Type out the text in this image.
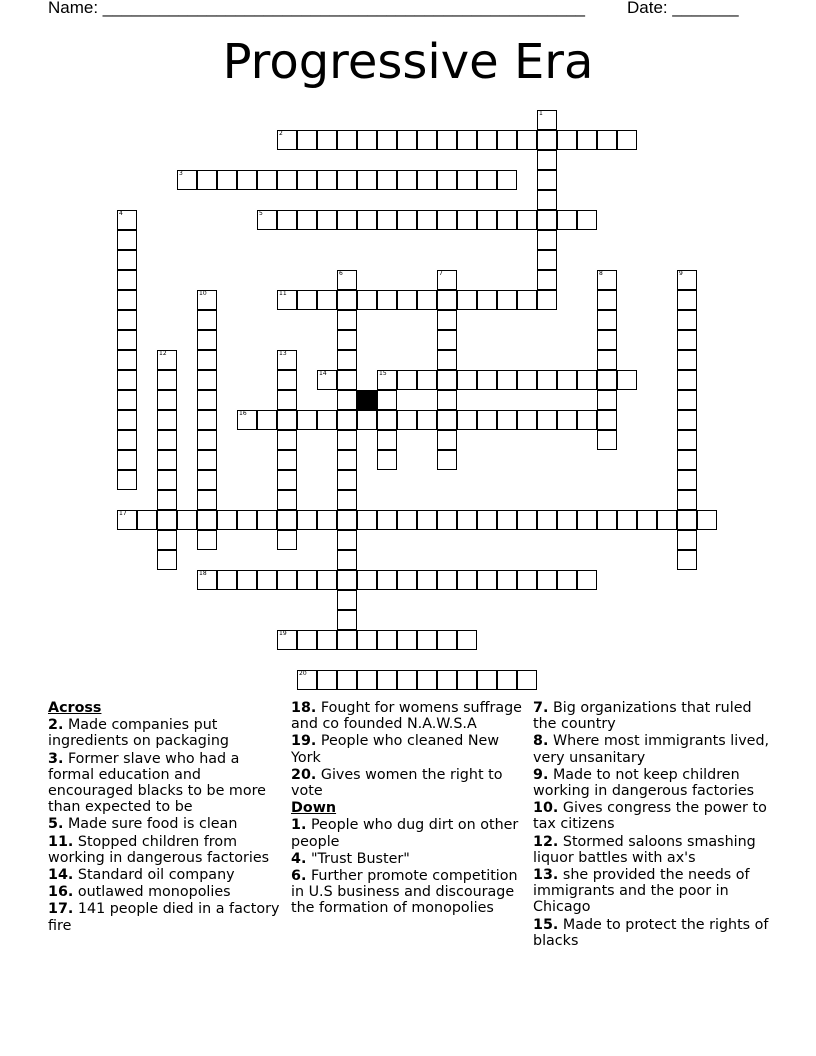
Name: ___________________________________________________ Date: _______
Progressive Era
1
2
3
4	5
6	7	8	9
10	11
12	13
14	15
16
17
18
19
20
Across
2. Made companies put ingredients on packaging
3. Former slave who had a formal education and encouraged blacks to be more than expected to be
5. Made sure food is clean
11. Stopped children from working in dangerous factories
14. Standard oil company
16. outlawed monopolies
17. 141 people died in a factory fire
18. Fought for womens suffrage and co founded N.A.W.S.A
19. People who cleaned New York
20. Gives women the right to vote
Down
1. People who dug dirt on other people
4. "Trust Buster"
6. Further promote competition in U.S business and discourage the formation of monopolies
7. Big organizations that ruled the country
8. Where most immigrants lived, very unsanitary
9. Made to not keep children working in dangerous factories
10. Gives congress the power to tax citizens
12. Stormed saloons smashing liquor battles with ax's
13. she provided the needs of immigrants and the poor in Chicago
15. Made to protect the rights of blacks
